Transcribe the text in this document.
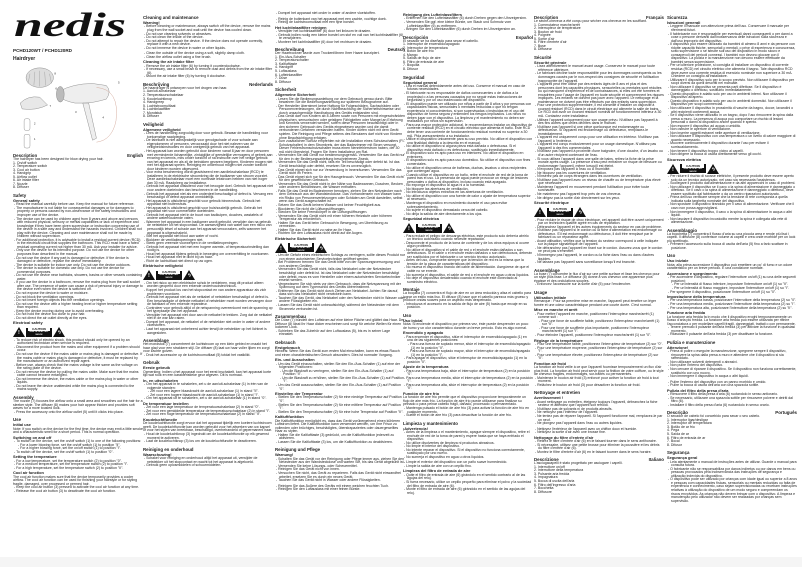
nedis
PCHD120WT / PCHD120RD
Hairdryer
8
7
6
5
4
3
2
1
Description	English
The hairdryer has been designed for blow drying your hair.
1. On/off switch
2. Temperature switch
3. Cool air button
4. Handgrip
5. Airflow outlet
6. Air intake filter
7. Nozzle
8. Diffuser
Safety
General safety
- Read the manual carefully before use. Keep the manual for future reference.
- The manufacturer is not liable for consequential damages or for damages to property or persons caused by non-observance of the safety instructions and improper use of the device.
- The device can be used by children aged from 8 years and above and persons with reduced physical, sensory or mental capabilities or lack of experience and knowledge if they have been given supervision or instruction concerning use of the device in a safe way and understand the hazards involved. Children shall not play with the device. Cleaning and user maintenance shall not be made by children without supervision.
- For additional protection, it is advisable to install a residual current device (RCD) in the electrical circuit that supplies the bathroom. This RCD must have a rated residual operating current not higher than 30 mA. Ask your installer for advice.
- Only use the device for its intended purpose. Do not use the device for other purposes than described in the manual.
- Do not use the device if any part is damaged or defective. If the device is damaged or defective, replace the device immediately.
- The device is suitable for indoor use only. Do not use the device outdoors.
- The device is suitable for domestic use only. Do not use the device for commercial purposes.
- Do not use the device near bathtubs, showers, basins or other vessels containing water.
- If you use the device in a bathroom, remove the mains plug from the wall socket after use. The presence of water can cause a risk of personal injury or damage to the device even when the device is switched off.
- Do not expose the device to water or moisture.
- Do not block the ventilation openings.
- Do not insert foreign objects into the ventilation openings.
- Do not use the device with a higher heating level or higher temperature setting than required.
- Keep the device moving during use to avoid overheating.
- Do not hold the device too close to your hair.
- Do not direct the air outlet directly at the eyes.
Electrical safety
!
CAUTION
RISK OF ELECTRIC SHOCK	ϟ
- To reduce risk of electric shock, this product should only be opened by an authorized technician when service is required.
- Disconnect the product from the mains and other equipment if a problem should occur.
- Do not use the device if the mains cable or mains plug is damaged or defective. If the mains cable or mains plug is damaged or defective, it must be replaced by the manufacturer or an authorized repair agent.
- Before use, always check that the mains voltage is the same as the voltage on the rating plate of the device.
- Do not remove the device by pulling the mains cable. Make sure that the mains cable cannot become entangled.
- Do not immerse the device, the mains cable or the mains plug in water or other liquids.
- Do not leave the device unattended while the mains plug is connected to the mains supply.
Assembly
The nozzle (7) focuses the airflow onto a small area and smoothes out the hair for a sleeker style. The diffuser (8) makes your hair appear thicker and provides soft waves for a more tousled look.
- Press the accessory onto the airflow outlet (5) until it clicks into place.
Use
Initial use
Note: If you switch on the device for the first time, the device may emit a little smoke and a characteristic smell for a short period. This is normal operation.
Switching on and off
- To switch on the device, set the on/off switch (1) to one of the following positions:
- For a lower blowing force, set the on/off switch (1) to position "II".
- For a higher blowing force, set the on/off switch (1) to position "I".
- To switch off the device, set the on/off switch (1) to position "0".
Setting the temperature
- For a low temperature, set the temperature switch (2) to position "0".
- For a medium temperature, set the temperature switch (2) to position "I".
- For a high temperature, set the temperature switch (2) to position "II".
Cool air function
The cool air function makes sure that the device temporarily provides a cooler airflow. The cool air function can be used for finishing your hairstyle or for styling fragile, damaged, over processed or permed hair.
- Keep the cool air button (3) pressed to activate the cool air function at any time.
- Release the cool air button (3) to deactivate the cool air function.
Cleaning and maintenance
Warning!
- Before cleaning or maintenance, always switch off the device, remove the mains plug from the wall socket and wait until the device has cooled down.
- Do not use cleaning solvents or abrasives.
- Do not clean the inside of the device.
- Do not attempt to repair the device. If the device does not operate correctly, replace it with a new device.
- Do not immerse the device in water or other liquids.
- Clean the outside of the device using a soft, slightly damp cloth.
- Clean the airflow outlet using a fine brush.
Cleaning the air intake filter
- Remove the air intake filter (6) by turning it counterclockwise.
- If necessary, use a small brush to remove dust and debris from the air intake filter (6).
- Mount the air intake filter (6) by turning it clockwise.
Beschrijving	Nederlands
De haardroger is ontworpen voor het drogen van haar.
1. Aan/uit-schakelaar
2. Temperatuurschakelaar
3. Koudeluchtknop
4. Handgreep
5. Luchtstroomuitlaat
6. Luchtinlaatfilter
7. Mondstuk
8. Diffuser
Veiligheid
Algemene veiligheid
- Lees de handleiding zorgvuldig door voor gebruik. Bewaar de handleiding voor toekomstige raadpleging.
- De fabrikant is niet aansprakelijk voor gevolgschade of voor schade aan eigendommen of personen, veroorzaakt door het niet naleven van de veiligheidsinstructies en door oneigenlijk gebruik van het apparaat.
- Het apparaat kan worden gebruikt door kinderen vanaf 8 jaar en door personen met verminderde lichamelijke, zintuiglijke of geestelijke vermogens of gebrek aan ervaring en kennis, mits onder toezicht of na instructie over het veilige gebruik van het apparaat en als zij de betrokken gevaren begrijpen. Kinderen mogen niet met het apparaat spelen. Reiniging en onderhoud mogen niet zonder toezicht door kinderen worden uitgevoerd.
- Voor extra bescherming wordt geadviseerd een aardlekschakelaar (RCD) te installeren in de elektrische stroomkring die de badkamer van stroom voorziet. Deze aardlekschakelaar moet een nominale lekstroom hebben van niet hoger dan 30 mA. Raadpleeg uw installateur.
- Gebruik het apparaat uitsluitend voor het beoogde doel. Gebruik het apparaat niet voor andere doeleinden dan beschreven in de handleiding.
- Gebruik het apparaat niet als een onderdeel beschadigd of defect is. Vervang een beschadigd of defect apparaat onmiddellijk.
- Het apparaat is uitsluitend geschikt voor gebruik binnenshuis. Gebruik het apparaat niet buitenshuis.
- Het apparaat is uitsluitend geschikt voor huishoudelijk gebruik. Gebruik het apparaat niet voor commerciële doeleinden.
- Gebruik het apparaat niet in de buurt van badkuipen, douches, wastafels of andere waterhoudende vaten.
- Wanneer het apparaat in een badkamer wordt gebruikt, verwijder dan na gebruik de netstekker uit het stopcontact. De aanwezigheid van water kan een risico van persoonlijk letsel of schade aan het apparaat veroorzaken, zelfs wanneer het apparaat is uitgeschakeld.
- Stel het apparaat niet bloot aan water of vocht.
- Blokkeer de ventilatieopeningen niet.
- Steek geen vreemde voorwerpen in de ventilatieopeningen.
- Gebruik het apparaat niet met een hogere warmte- of temperatuurinstelling dan nodig is.
- Houd het apparaat tijdens gebruik in beweging om oververhitting te voorkomen.
- Houd het apparaat niet te dicht bij uw haar.
- Richt de luchtuitlaat niet direct op uw ogen.
Elektrische veiligheid
!
CAUTION
RISK OF ELECTRIC SHOCK	ϟ
- Om het risico op een elektrische schok te verkleinen, mag dit product alleen worden geopend door een erkende onderhoudstechnicus.
- Koppel het product los van het stopcontact en van andere apparatuur als zich problemen voordoen.
- Gebruik het apparaat niet als de netkabel of netstekker beschadigd of defect is. Een beschadigde of defecte netkabel of netstekker moet worden vervangen door de fabrikant of een erkende reparateur.
- Controleer voor gebruik altijd of de netspanning overeenkomt met de spanning op het typeplaatje van het apparaat.
- Verwijder het apparaat niet door aan de netkabel te trekken. Zorg dat de netkabel niet in de war kan raken.
- Dompel het apparaat, de netkabel of de netstekker niet onder in water of andere vloeistoffen.
- Laat het apparaat niet onbeheerd achter terwijl de netstekker op het lichtnet is aangesloten.
Assemblage
Het mondstuk (7) concentreert de luchtstroom op een klein gebied en maakt het haar glad voor een strakkere stijl. De diffuser (8) laat uw haar voller lijken en zorgt voor zachte golven.
- Druk het accessoire op de luchtstroomuitlaat (5) totdat het vastklikt.
Gebruik
Eerste gebruik
Opmerking: Indien u het apparaat voor het eerst inschakelt, kan het apparaat korte tijd wat rook en een karakteristieke geur afgeven. Dit is normaal.
In- en uitschakelen
- Om het apparaat in te schakelen, zet u de aan/uit-schakelaar (1) in één van de volgende standen:
- Zet voor een lagere blaaskracht de aan/uit-schakelaar (1) in stand "II".
- Zet voor een hogere blaaskracht de aan/uit-schakelaar (1) in stand "I".
- Om het apparaat uit te schakelen, zet u de aan/uit-schakelaar (1) in stand "0".
De temperatuur instellen
- Zet voor een lage temperatuur de temperatuurschakelaar (2) in stand "0".
- Zet voor een gemiddelde temperatuur de temperatuurschakelaar (2) in stand "I".
- Zet voor een hoge temperatuur de temperatuurschakelaar (2) in stand "II".
Koudeluchtfunctie
De koudeluchtfunctie zorgt ervoor dat het apparaat tijdelijk een koelere luchtstroom geeft. De koudeluchtfunctie kan worden gebruikt voor het afwerken van uw kapsel of voor het stylen van breekbaar, beschadigd, overbehandeld of gepermanent haar.
- Houd de koudeluchtknop (3) ingedrukt om de koudeluchtfunctie op elk gewenst moment te activeren.
- Laat de koudeluchtknop (3) los om de koudeluchtfunctie te deactiveren.
Reiniging en onderhoud
Waarschuwing!
- Schakel voor reiniging en onderhoud altijd het apparaat uit, verwijder de netstekker uit het stopcontact en wacht tot het apparaat is afgekoeld.
- Gebruik geen oplosmiddelen of schuurmiddelen.
- Dompel het apparaat niet onder in water of andere vloeistoffen.
- Reinig de buitenkant van het apparaat met een zachte, vochtige doek.
- Reinig de luchtstroomuitlaat met een fijne borstel.
Het luchtinlaatfilter reinigen
- Verwijder het luchtinlaatfilter (6) door het linksom te draaien.
- Gebruik indien nodig een kleine borstel om stof en vuil van het luchtinlaatfilter (6) te verwijderen.
- Monteer het luchtinlaatfilter (6) door het rechtsom te draaien.
Beschreibung	Deutsch
Der Haartrockner wurde zum Trockenföhnen Ihrer Haare konzipiert.
1. Ein-/Aus-Schalter
2. Temperaturschalter
3. Kaltlufttaste
4. Handgriff
5. Luftauslass
6. Lufteinlassfilter
7. Düse
8. Diffusor
Sicherheit
Allgemeine Sicherheit
- Lesen Sie die Bedienungsanleitung vor dem Gebrauch genau durch. Bitte bewahren Sie die Bedienungsanleitung zur späteren Bezugnahme auf.
- Der Hersteller übernimmt keine Haftung für Folgeschäden, Sachschäden oder Personenverletzungen, die durch Nichtbeachtung der Sicherheitshinweise und durch unsachgemäße Handhabung des Geräts entstanden sind.
- Das Gerät darf von Kindern ab 8 Jahren sowie von Personen mit eingeschränkten physischen, sensorischen oder geistigen Fähigkeiten oder Mangel an Erfahrung und Kenntnis verwendet werden, sofern diese Personen beaufsichtigt oder in den sicheren Gebrauch des Geräts eingewiesen wurden und die damit verbundenen Gefahren verstanden haben. Kinder dürfen nicht mit dem Gerät spielen. Die Reinigung und Pflege seitens des Benutzers darf nicht von Kindern ohne Beaufsichtigung erfolgen.
- Zum zusätzlichen Schutz empfehlen wir die Installation eines Schutzschalters (FI-Schutzschalter) in dem Stromkreis, der das Badezimmer mit Strom versorgt. Dieser Fehlerstromschutzschalter muss einen Nennfehlerstrom haben, der 30 mA nicht übersteigt. Fragen Sie Ihren Installateur um Rat.
- Verwenden Sie das Gerät nur bestimmungsgemäß. Verwenden Sie das Gerät nur für den in der Bedienungsanleitung beschriebenen Zweck.
- Verwenden Sie das Gerät nicht, falls ein Teil beschädigt oder defekt ist. Ist das Gerät beschädigt oder defekt, ersetzen Sie es unverzüglich.
- Das Gerät eignet sich nur zur Verwendung in Innenräumen. Verwenden Sie das Gerät nicht im Freien.
- Das Gerät eignet sich nur für den Hausgebrauch. Verwenden Sie das Gerät nicht für den gewerblichen Gebrauch.
- Verwenden Sie das Gerät nicht in der Nähe von Badewannen, Duschen, Becken oder anderen Behältnissen, die Wasser enthalten.
- Falls Sie das Gerät im Badezimmer benutzen, ziehen Sie den Netzstecker nach dem Gebrauch aus der Wandsteckdose. Das Vorhandensein von Wasser kann ein Risiko von Personenverletzungen oder Schäden am Gerät darstellen, selbst wenn das Gerät ausgeschaltet ist.
- Setzen Sie das Gerät keinem Wasser und keiner Feuchtigkeit aus.
- Blockieren Sie nicht die Lüftungsöffnungen.
- Stecken Sie keine Fremdkörper in die Lüftungsöffnungen.
- Verwenden Sie das Gerät nicht mit einer höheren Heizstufe oder höheren Temperatur als erforderlich.
- Halten Sie das Gerät beim Gebrauch in Bewegung, um Überhitzung zu vermeiden.
- Halten Sie das Gerät nicht zu nahe an Ihr Haar.
- Richten Sie den Luftauslass nicht direkt auf die Augen.
Elektrische Sicherheit
!
CAUTION
RISK OF ELECTRIC SHOCK	ϟ
- Um die Gefahr eines elektrischen Schlags zu verringern, sollte dieses Produkt nur von einem autorisierten Servicetechniker geöffnet werden.
- Bei Problemen trennen Sie das Gerät bitte von der Spannungsversorgung und von anderen Geräten.
- Verwenden Sie das Gerät nicht, falls das Netzkabel oder der Netzstecker beschädigt oder defekt ist. Ist das Netzkabel oder der Netzstecker beschädigt oder defekt, muss es vom Hersteller oder einem autorisierten Servicetechniker ersetzt werden.
- Vergewissern Sie sich stets vor dem Gebrauch, dass die Netzspannung mit der Spannung auf dem Typenschild des Geräts übereinstimmt.
- Entfernen Sie das Gerät nicht durch Ziehen am Netzkabel. Achten Sie darauf, dass sich das Netzkabel nicht verwickeln kann.
- Tauchen Sie das Gerät, das Netzkabel oder den Netzstecker nicht in Wasser oder andere Flüssigkeiten ein.
- Lassen Sie das Gerät nicht unbeaufsichtigt, während der Netzstecker mit dem Stromnetz verbunden ist.
Zusammenbau
Die Düse (7) bündelt den Luftstrom auf eine kleine Fläche und glättet das Haar. Der Diffusor (8) lässt Ihr Haar dicker erscheinen und sorgt für weiche Wellen für einen lockeren Look.
- Schieben Sie das Zubehör auf den Luftauslass (5), bis es in seiner Lage einrastet.
Gebrauch
Erstgebrauch
Hinweis: Wenn Sie das Gerät zum ersten Mal einschalten, kann es etwas Rauch und einen charakteristischen Geruch absondern. Dies ist normaler Vorgang.
Ein- und Ausschalten
- Um das Gerät einzuschalten, stellen Sie den Ein-/Aus-Schalter (1) auf eine der folgenden Positionen:
- Um die Blaskraft zu verringern, stellen Sie den Ein-/Aus-Schalter (1) auf Position "II".
- Um die Blaskraft zu erhöhen, stellen Sie den Ein-/Aus-Schalter (1) auf Position "I".
- Um das Gerät auszuschalten, stellen Sie den Ein-/Aus-Schalter (1) auf Position "0".
Einstellen der Temperatur
- Stellen Sie den Temperaturschalter (2) für eine niedrige Temperatur auf Position "0".
- Stellen Sie den Temperaturschalter (2) für eine mittlere Temperatur auf Position "I".
- Stellen Sie den Temperaturschalter (2) für eine hohe Temperatur auf Position "II".
Kaltluftfunktion
Die Kaltluftfunktion ermöglicht es, dass das Gerät vorübergehend einen kühleren Luftstrom liefert. Die Kaltluftfunktion kann verwendet werden, um Ihre Frisur zu vollenden oder brüchiges, beschädigtes, überstrapaziertes oder dauergewelltes Haar zu stylen.
- Halten Sie die Kaltlufttaste (3) gedrückt, um die Kaltluftfunktion jederzeit zu aktivieren.
- Lassen Sie die Kaltlufttaste (3) los, um die Kaltluftfunktion zu deaktivieren.
Reinigung und Pflege
Warnung!
- Schalten Sie das Gerät vor der Reinigung oder Pflege immer aus, ziehen Sie den Netzstecker aus der Wandsteckdose und warten Sie, bis das Gerät abgekühlt ist.
- Verwenden Sie keine Lösungs- oder Scheuermittel.
- Reinigen Sie das Gerät nicht von innen.
- Versuchen Sie nicht, das Gerät zu reparieren. Falls das Gerät nicht einwandfrei arbeitet, ersetzen Sie es durch ein neues Gerät.
- Tauchen Sie das Gerät nicht in Wasser oder andere Flüssigkeiten.
- Reinigen Sie das Äußere des Geräts mit einem weichen feuchten Tuch.
- Reinigen Sie den Luftauslass mit einer feinen Bürste.
Reinigung des Lufteinlassfilters
- Entfernen Sie den Lufteinlassfilter (6) durch Drehen gegen den Uhrzeigersinn.
- Verwenden Sie ggf. eine kleine Bürste, um Staub und Schmutz vom Lufteinlassfilter (6) zu entfernen.
- Bringen Sie den Lufteinlassfilter (6) durch Drehen im Uhrzeigersinn an.
Descripción	Español
El secador se ha diseñado para secar el cabello.
1. Interruptor de encendido/apagado
2. Interruptor de temperatura
3. Botón de aire frío
4. Mango
5. Salida de flujo de aire
6. Filtro de entrada de aire
7. Boquilla
8. Difusor
Seguridad
Seguridad general
- Lea el manual detenidamente antes del uso. Conserve el manual en caso de futuras necesidades.
- El fabricante no es responsable de daños consecuentes o de daños a la propiedad o a las personas causados por no seguir estas instrucciones de seguridad y por un uso inadecuado del dispositivo.
- El dispositivo puede ser utilizado por niños a partir de 8 años y por personas con capacidades físicas, sensoriales o mentales reducidas o que no tengan experiencia ni conocimientos, si son supervisadas o instruidas en el uso del dispositivo de forma segura y entienden los riesgos implicados. Los niños no deben jugar con el dispositivo. La limpieza y el mantenimiento no deben ser realizados por niños sin supervisión.
- Para una mayor protección adicional, le recomendamos instalar un dispositivo de corriente residual (RCD) en el circuito eléctrico que alimenta el baño. Este RCD debe tener una corriente de funcionamiento residual nominal no superior a 30 mA. Pida asesoramiento a su instalador.
- Utilice el dispositivo únicamente para su uso previsto. No utilice el dispositivo con una finalidad distinta a la descrita en el manual.
- No utilice el dispositivo si alguna pieza está dañada o defectuosa. Si el dispositivo está dañado o es defectuoso, sustitúyalo inmediatamente.
- El dispositivo solo es apto para uso en interiores. No utilice el dispositivo en exteriores.
- El dispositivo solo es apto para uso doméstico. No utilice el dispositivo con fines comerciales.
- No utilice el dispositivo cerca de bañeras, duchas, lavabos u otros recipientes que contengan agua.
- Cuando utilice el dispositivo en un baño, retire el enchufe de red de la toma de pared tras el uso. La presencia de agua puede provocar un riesgo de lesiones personales o daños al dispositivo, incluso cuando está apagado.
- No exponga el dispositivo al agua ni a la humedad.
- No bloquee las aberturas de ventilación.
- No introduzca objetos extraños en las aberturas de ventilación.
- No utilice el dispositivo con una fuente de calor o ajuste de temperatura superior al necesario.
- Mantenga el dispositivo en movimiento durante el uso para evitar sobrecalentamiento.
- No sujete el dispositivo demasiado cerca del cabello.
- No dirija la salida de aire directamente a los ojos.
Seguridad eléctrica
!
CAUTION
RISK OF ELECTRIC SHOCK	ϟ
- Para reducir el peligro de descarga eléctrica, este producto solo debería abrirlo un técnico autorizado cuando necesite reparación.
- Desconecte el producto de la toma de corriente y de los otros equipos si ocurre algún problema.
- No utilice el dispositivo si el cable de red o el enchufe están dañados o son defectuosos. Si el cable o el enchufe están dañados o son defectuosos, deberán ser sustituidos por el fabricante o un servicio técnico autorizado.
- Antes del uso, compruebe siempre que la tensión de red es la misma que la tensión de la placa de características del dispositivo.
- No mueva el dispositivo tirando del cable de alimentación. Asegúrese de que el cable no se enrede.
- No sumerja el dispositivo, el cable de red o el enchufe en agua u otros líquidos.
- No deje el dispositivo desatendido cuando el enchufe esté conectado al suministro eléctrico.
Montaje
La boquilla (7) concentra el flujo de aire en un área reducida y alisa el cabello para lograr un estilo más liso. El difusor (8) hace que el cabello parezca más grueso y produce ondas suaves para un aspecto más despeinado.
- Introduzca el accesorio en la salida de flujo de aire (5) hasta que encaje en su posición.
Uso
Uso inicial
Nota: Si enciende el dispositivo por primera vez, éste puede desprender un poco de humo y un olor característico durante un breve período. Esto es algo normal.
Encendido y apagado
- Para encender el dispositivo, sitúe el interruptor de encendido/apagado (1) en una de las siguientes posiciones:
- Para una fuerza de soplado menor, sitúe el interruptor de encendido/apagado (1) en la posición "II".
- Para una fuerza de soplado mayor, sitúe el interruptor de encendido/apagado (1) en la posición "I".
- Para apagar el dispositivo, sitúe el interruptor de encendido/apagado (1) en la posición "0".
Ajuste de la temperatura
- Para una temperatura baja, sitúe el interruptor de temperatura (2) en la posición "0".
- Para una temperatura media, sitúe el interruptor de temperatura (2) en la posición "I".
- Para una temperatura alta, sitúe el interruptor de temperatura (2) en la posición "II".
Función de aire frío
La función de aire frío permite que el dispositivo proporcione temporalmente un flujo de aire más frío. La función de aire frío puede utilizarse para finalizar su peinado o para peinar cabello frágil, dañado, procesado o permanentado.
- Mantenga pulsado el botón de aire frío (3) para activar la función de aire frío en cualquier momento.
- Suelte el botón de aire frío (3) para desactivar la función de aire frío.
Limpieza y mantenimiento
¡Advertencia!
- Antes de la limpieza o el mantenimiento, apague siempre el dispositivo, retire el enchufe de red de la toma de pared y espere hasta que se haya enfriado el dispositivo.
- No utilice disolventes de limpieza ni productos abrasivos.
- No limpie el interior del dispositivo.
- No intente reparar el dispositivo. Si el dispositivo no funciona correctamente, sustitúyalo por uno nuevo.
- No sumerja el dispositivo en agua u otros líquidos.
- Limpie el exterior del dispositivo con un paño suave humedecido.
- Limpie la salida de aire con un cepillo fino.
Limpieza del filtro de entrada de aire
- Quite el filtro de entrada de aire (6) girándolo en el sentido contrario al de las agujas del reloj.
- Si fuera necesario, utilice un cepillo pequeño para eliminar el polvo y la suciedad del filtro de entrada de aire (6).
- Monte el filtro de entrada de aire (6) girándolo en el sentido de las agujas del reloj.
Description	Français
Le sèche-cheveux a été conçu pour sécher vos cheveux en les soufflant.
1. Commutateur marche/arrêt
2. Interrupteur de température
3. Bouton air froid
4. Poignée
5. Sortie d'air
6. Filtre d'entrée d'air
7. Buse
8. Diffuseur
Sécurité
Sécurité générale
- Lisez attentivement le manuel avant usage. Conservez le manuel pour toute référence ultérieure.
- Le fabricant décline toute responsabilité pour les dommages conséquents ou les dommages causés par le non-respect des consignes de sécurité et l'utilisation inappropriée de l'appareil.
- L'appareil peut être utilisé par des enfants âgés de 8 ans et plus et des personnes dont les capacités physiques, sensorielles ou mentales sont réduites ou qui manquent d'expérience et de connaissances, si elles ont été formées et encadrées pour l'usage de l'appareil en toute sécurité et comprennent les risques impliqués. Les enfants ne doivent pas jouer avec l'appareil. Le nettoyage et la maintenance ne doivent pas être effectués par des enfants sans supervision.
- Pour une protection supplémentaire, il est conseillé d'installer un dispositif à courant résiduel (RCD) dans le circuit électrique qui alimente la salle de bains. Ce RCD doit avoir un courant résiduel nominal de fonctionnement inférieur à 30 mA. Contactez votre installateur.
- Utilisez l'appareil uniquement pour son usage prévu. N'utilisez pas l'appareil à des fins autres que celles décrites dans le manuel.
- N'utilisez pas l'appareil si une pièce quelconque est endommagée ou défectueuse. Si l'appareil est endommagé ou défectueux, remplacez-le immédiatement.
- L'appareil est uniquement conçu pour une utilisation en intérieur. N'utilisez pas l'appareil à l'extérieur.
- L'appareil est conçu exclusivement pour un usage domestique. N'utilisez pas l'appareil à des fins commerciales.
- N'utilisez pas l'appareil à proximité d'une baignoire, d'une douche, d'un lavabo ou d'un autre récipient contenant de l'eau.
- Si vous utilisez l'appareil dans une salle de bains, retirez la fiche de la prise murale après usage. La présence d'eau peut entraîner un risque de blessure ou endommager l'appareil, même lorsqu'il est éteint.
- N'exposez pas l'appareil à l'eau ou à l'humidité.
- Ne bloquez pas les ouvertures de ventilation.
- N'insérez pas de corps étrangers dans les ouvertures de ventilation.
- N'utilisez pas l'appareil avec un niveau de chauffe ou de température plus élevé que nécessaire.
- Maintenez l'appareil en mouvement pendant l'utilisation pour éviter toute surchauffe.
- Ne maintenez pas l'appareil trop près de vos cheveux.
- Ne dirigez pas la sortie d'air directement sur les yeux.
Sécurité électrique
!
CAUTION
RISK OF ELECTRIC SHOCK	ϟ
- Pour réduire le risque de choc électrique, cet appareil doit être ouvert uniquement par un technicien qualifié agréé en cas de réparation.
- Débranchez l'appareil et les autres équipements du secteur en cas de problème.
- N'utilisez pas l'appareil si le cordon ou la fiche d'alimentation est endommagé ou défectueux. S'il est endommagé ou défectueux, il doit être remplacé par le fabricant ou un réparateur agréé.
- Avant utilisation, vérifiez que la tension du secteur correspond à celle indiquée sur la plaque signalétique de l'appareil.
- Ne débranchez pas l'appareil en tirant sur le cordon. Assurez-vous que le cordon ne peut pas s'emmêler.
- N'immergez pas l'appareil, le cordon ou la fiche dans l'eau ou dans d'autres liquides.
- Ne laissez pas l'appareil sans surveillance lorsqu'il est branché.
Assemblage
La buse (7) concentre le flux d'air sur une petite surface et lisse les cheveux pour un style plus lisse. Le diffuseur (8) donne à vos cheveux une apparence plus épaisse et des ondulations souples.
- Enfoncez l'accessoire sur la sortie d'air (5) pour l'enclencher.
Usage
Utilisation initiale
Remarque : Pour sa première mise en marche, l'appareil peut émettre un léger fumée et une odeur caractéristique pendant une courte durée. C'est normal.
Mise en marche et arrêt
- Pour mettre l'appareil en marche, positionnez l'interrupteur marche/arrêt (1) comme suit :
- Pour une force de soufflerie faible, positionnez l'interrupteur marche/arrêt (1) sur "II".
- Pour une force de soufflerie plus importante, positionnez l'interrupteur marche/arrêt (1) sur "I".
- Pour éteindre l'appareil, positionnez l'interrupteur marche/arrêt (1) sur "0".
Réglage de la température
- Pour une température faible, positionnez l'interrupteur de température (2) sur "0".
- Pour une température moyenne, positionnez l'interrupteur de température (2) sur "I".
- Pour une température élevée, positionnez l'interrupteur de température (2) sur "II".
Fonction air froid
La fonction air froid veille à ce que l'appareil fournisse temporairement un flux d'air plus froid. La fonction air froid peut servir pour la finition de votre coiffure, ou le style de cheveux fragiles, endommagés, sur-traités ou permanentés.
- Maintenez le bouton air froid (3) enfoncé pour activer la fonction air froid à tout moment.
- Relâchez le bouton air froid (3) pour désactiver la fonction air froid.
Nettoyage et entretien
Avertissement !
- Avant nettoyage ou entretien, éteignez toujours l'appareil, débranchez la fiche secteur et attendez que l'appareil soit refroidi.
- N'utilisez pas de solvants ni de produits abrasifs.
- Ne nettoyez pas l'intérieur de l'appareil.
- Ne tentez pas de réparer l'appareil. Si l'appareil fonctionne mal, remplacez-le par un neuf.
- Ne plongez pas l'appareil dans l'eau ou autres liquides.
- Nettoyez l'extérieur de l'appareil avec un chiffon doux et humide.
- Nettoyez la sortie d'air avec une brosse fine.
Nettoyage du filtre d'entrée d'air
- Retirez le filtre d'entrée d'air (6) en le faisant tourner dans le sens antihoraire.
- Si nécessaire, utilisez une petite brosse pour éliminer la poussière et les débris du filtre d'entrée d'air (6).
- Montez le filtre d'entrée d'air (6) en le faisant tourner dans le sens horaire.
Descrizione	Italiano
L'asciugacapelli è stato progettato per asciugare i capelli.
1. Interruttore on/off
2. Interruttore della temperatura
3. Pulsante aria fredda
4. Impugnatura
5. Bocca di uscita dell'aria
6. Filtro dell'ingresso d'aria
7. Bocchetta
8. Diffusore
Sicurezza
Istruzioni generali
- Leggere il manuale con attenzione prima dell'uso. Conservare il manuale per riferimenti futuri.
- Il fabbricante non è responsabile per eventuali danni conseguenti o per danni a cose o persone derivanti dall'inosservanza delle istruzioni sulla sicurezza e dall'uso improprio del dispositivo.
- Il dispositivo può essere utilizzato da bambini di almeno 8 anni e da persone con ridotte capacità fisiche, sensoriali o mentali, o prive di esperienza e conoscenza, sotto supervisione o se istruite sull'uso del dispositivo in modo sicuro e consapevoli dei pericoli connessi. I bambini non devono giocare con il dispositivo. La pulizia e la manutenzione non devono essere effettuate da bambini senza supervisione.
- Per un'ulteriore protezione, si consiglia di installare un dispositivo di corrente residua (RCD) nel circuito elettrico che alimenta il bagno. Tale dispositivo RCD deve avere una corrente residua di esercizio nominale non superiore a 30 mA. Chiedere un consiglio all'installatore.
- Utilizzare il dispositivo solo per lo scopo previsto. Non utilizzare il dispositivo per scopi diversi da quelli descritti nel manuale.
- Non utilizzare il dispositivo se presenta parti difettose. Se il dispositivo è danneggiato o difettoso, sostituirlo immediatamente.
- Questo dispositivo è adatto solo per uso in ambienti interni. Non utilizzare il dispositivo all'aperto.
- Questo dispositivo è adatto solo per uso in ambienti domestici. Non utilizzare il dispositivo per scopi commerciali.
- Non utilizzare il dispositivo in prossimità di vasche da bagno, docce, lavandini o altri recipienti contenenti acqua.
- Se il dispositivo viene utilizzato in un bagno, dopo l'uso rimuovere la spina dalla presa a muro. La presenza di acqua può comportare un rischio di lesioni personali o danni al dispositivo anche quando è spento.
- Non esporre il dispositivo ad acqua o umidità.
- Non ostruire le aperture di ventilazione.
- Non inserire oggetti estranei nelle aperture di ventilazione.
- Non utilizzare il dispositivo con una temperatura o un livello di calore maggiore di quanto necessario.
- Muovere continuamente il dispositivo durante l'uso per evitare il surriscaldamento.
- Non tenere il dispositivo troppo vicino ai capelli.
- Non dirigere la bocca di uscita direttamente verso gli occhi.
Sicurezza elettrica
!
CAUTION
RISK OF ELECTRIC SHOCK	ϟ
- Per ridurre il rischio di scosse elettriche, il presente prodotto deve essere aperto solo da un tecnico autorizzato, nel caso sia necessaria l'assistenza.
- Scollegare il prodotto dall'alimentazione e da altri apparecchi in caso di problemi.
- Non utilizzare il dispositivo se il cavo o la spina di alimentazione è danneggiato o difettoso. Se il cavo o la spina di alimentazione è danneggiato o difettoso, deve essere sostituito dal fabbricante o da un centro riparazioni autorizzato.
- Prima dell'uso verificare sempre che la tensione di rete corrisponda a quella indicata sulla targhetta nominale del dispositivo.
- Non spostare il dispositivo tirandolo per il cavo di alimentazione. Verificare che il cavo non possa aggrovigliarsi.
- Non immergere il dispositivo, il cavo o la spina di alimentazione in acqua o altri liquidi.
- Non lasciare il dispositivo incustodito mentre la spina è collegata alla rete di alimentazione.
Assemblaggio
La bocchetta (7) concentra il flusso d'aria su una piccola area e rende più lisci i capelli. Il diffusore (8) conferisce volume ai capelli e crea onde morbide per un look più spettinato.
- Premere l'accessorio sulla bocca di uscita dell'aria (5) fino a farlo scattare in posizione.
Uso
Uso iniziale
Nota: alla prima accensione il dispositivo può emettere un po' di fumo e un odore caratteristico per un breve periodo. È una condizione normale.
Accensione e spegnimento
- Per accendere il dispositivo, regolare l'interruttore on/off (1) su una delle seguenti posizioni:
- Per un'intensità di flusso inferiore, impostare l'interruttore on/off (1) su "II".
- Per un'intensità di flusso maggiore, impostare l'interruttore on/off (1) su "I".
- Per spegnere il dispositivo, posizionare l'interruttore on/off (1) su "0".
Impostazione della temperatura
- Per una temperatura bassa, posizionare l'interruttore della temperatura (2) su "0".
- Per una temperatura media, posizionare l'interruttore della temperatura (2) su "I".
- Per una temperatura alta, posizionare l'interruttore della temperatura (2) su "II".
Funzione aria fredda
La funzione aria fredda fa in modo che il dispositivo eroghi temporaneamente un flusso d'aria più fredda. La funzione aria fredda può essere utilizzata per rifinire l'acconciatura o per modellare capelli fragili, danneggiati, trattati o con permanente.
- Tenere premuto il pulsante dell'aria fredda (3) per attivare la funzione in qualsiasi momento.
- Rilasciare il pulsante dell'aria fredda (3) per disattivare la funzione.
Pulizia e manutenzione
Attenzione!
- Prima di pulire o eseguire la manutenzione, spegnere sempre il dispositivo, rimuovere la spina dalla presa a muro e attendere che il dispositivo si sia raffreddato.
- Non utilizzare solventi detergenti o abrasivi.
- Non pulire l'interno del dispositivo.
- Non cercare di riparare il dispositivo. Se il dispositivo non funziona correttamente, sostituirlo con uno nuovo.
- Non immergere il dispositivo in acqua o altri liquidi.
- Pulire l'esterno del dispositivo con un panno morbido e umido.
- Pulire la bocca di uscita dell'aria con una spazzola sottile.
Pulizia del filtro della presa d'aria
- Rimuovere il filtro della presa d'aria (6) ruotandolo in senso antiorario.
- Se necessario, utilizzare una spazzola sottile per rimuovere polvere e detriti dal filtro (6).
- Installare il filtro della presa d'aria (6) ruotandolo in senso orario.
Descrição	Português
O secador de cabelo foi concebido para secar o seu cabelo.
1. Interruptor ligar/desligar
2. Interruptor de temperatura
3. Botão de ar frio
4. Pega
5. Saída de ar
6. Filtro de entrada de ar
7. Bocal
8. Difusor
Segurança
Segurança geral
- Leia atentamente o manual de instruções antes de utilizar. Guarde o manual para consulta futura.
- O fabricante não se responsabiliza por danos indiretos ou por danos em bens ou pessoas provocados pela inobservância das instruções de segurança e utilização indevida do dispositivo.
- O dispositivo pode ser utilizado por crianças com idade igual ou superior a 8 anos e pessoas com capacidades físicas, sensoriais ou mentais reduzidas ou falta de experiência e conhecimento, caso sejam supervisionadas ou recebam instruções relativas à utilização do dispositivo de um modo seguro e compreendam os riscos envolvidos. As crianças não devem brincar com o dispositivo. A limpeza e manutenção pelo utilizador não devem ser realizadas por crianças sem supervisão.
